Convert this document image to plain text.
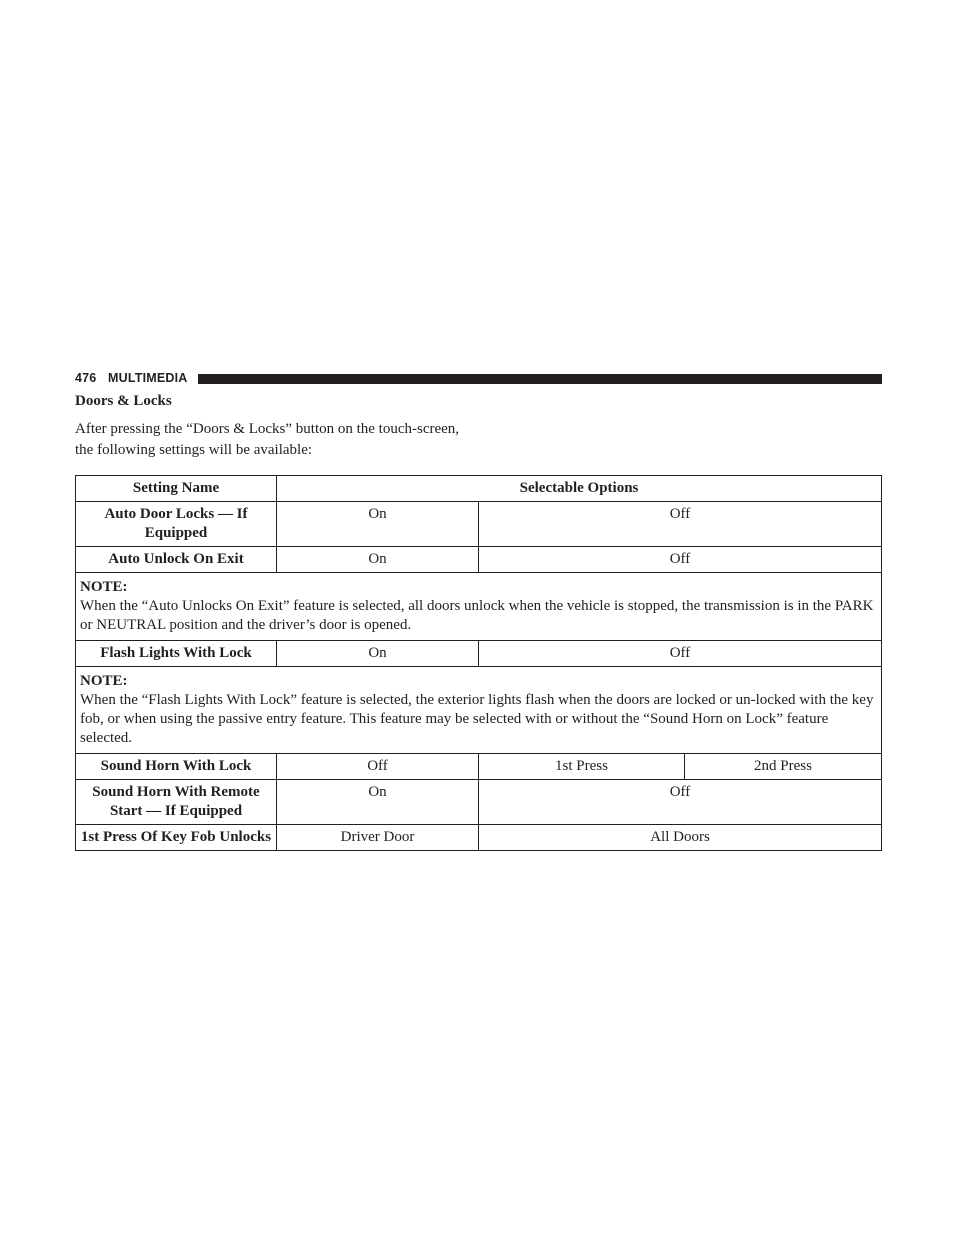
476 MULTIMEDIA
Doors & Locks
After pressing the “Doors & Locks” button on the touch-screen, the following settings will be available:
Setting Name	Selectable Options		
Auto Door Locks — If Equipped	On	Off	
Auto Unlock On Exit	On	Off	

NOTE:
When the “Auto Unlocks On Exit” feature is selected, all doors unlock when the vehicle is stopped, the transmission is in the PARK or NEUTRAL position and the driver’s door is opened.			
Flash Lights With Lock	On	Off	

NOTE:
When the “Flash Lights With Lock” feature is selected, the exterior lights flash when the doors are locked or un-locked with the key fob, or when using the passive entry feature. This feature may be selected with or without the “Sound Horn on Lock” feature selected.			
Sound Horn With Lock	Off	1st Press	2nd Press
Sound Horn With Remote Start — If Equipped	On	Off	
1st Press Of Key Fob Unlocks	Driver Door	All Doors	
